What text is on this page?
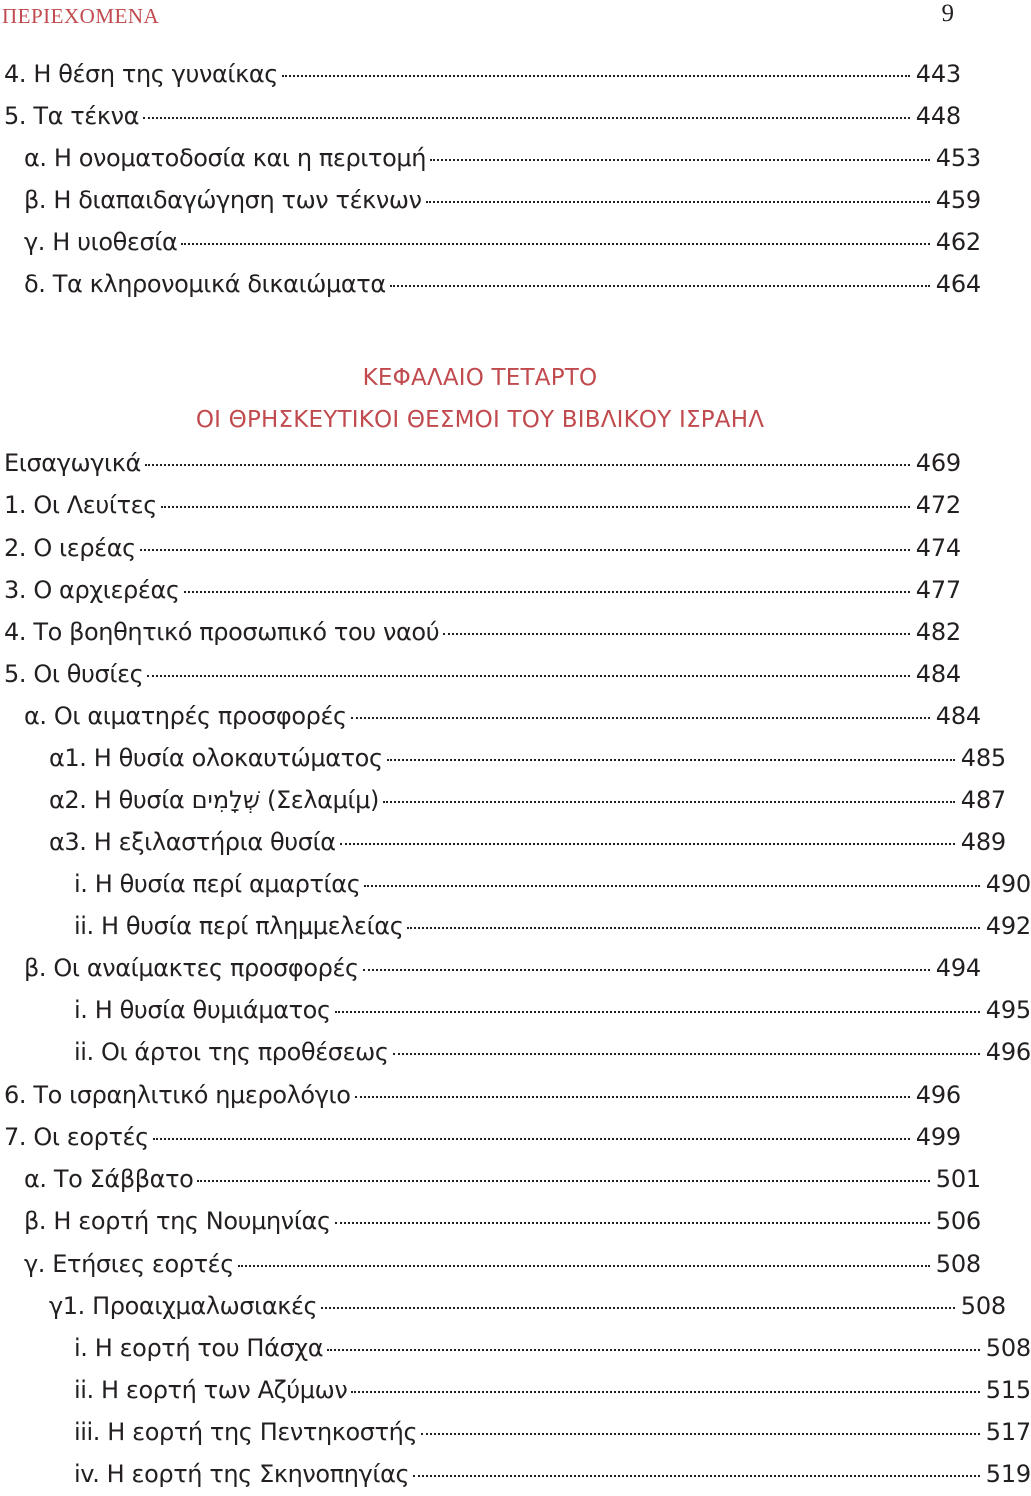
ΠΕΡΙΕΧΟΜΕΝΑ	9
4. Η θέση της γυναίκας	443
5. Τα τέκνα	448
α. Η ονοματοδοσία και η περιτομή	453
β. Η διαπαιδαγώγηση των τέκνων	459
γ. Η υιοθεσία	462
δ. Τα κληρονομικά δικαιώματα	464
ΚΕΦΑΛΑΙΟ ΤΕΤΑΡΤΟ
ΟΙ ΘΡΗΣΚΕΥΤΙΚΟΙ ΘΕΣΜΟΙ ΤΟΥ ΒΙΒΛΙΚΟΥ ΙΣΡΑΗΛ
Εισαγωγικά	469
1. Οι Λευίτες	472
2. Ο ιερέας	474
3. Ο αρχιερέας	477
4. Το βοηθητικό προσωπικό του ναού	482
5. Οι θυσίες	484
α. Οι αιματηρές προσφορές	484
α1. Η θυσία ολοκαυτώματος	485
α2. Η θυσία שְׁלָמִים (Σελαμίμ)	487
α3. Η εξιλαστήρια θυσία	489
i. Η θυσία περί αμαρτίας	490
ii. Η θυσία περί πλημμελείας	492
β. Οι αναίμακτες προσφορές	494
i. Η θυσία θυμιάματος	495
ii. Οι άρτοι της προθέσεως	496
6. Το ισραηλιτικό ημερολόγιο	496
7. Οι εορτές	499
α. Το Σάββατο	501
β. Η εορτή της Νουμηνίας	506
γ. Ετήσιες εορτές	508
γ1. Προαιχμαλωσιακές	508
i. Η εορτή του Πάσχα	508
ii. Η εορτή των Αζύμων	515
iii. Η εορτή της Πεντηκοστής	517
iv. Η εορτή της Σκηνοπηγίας	519
